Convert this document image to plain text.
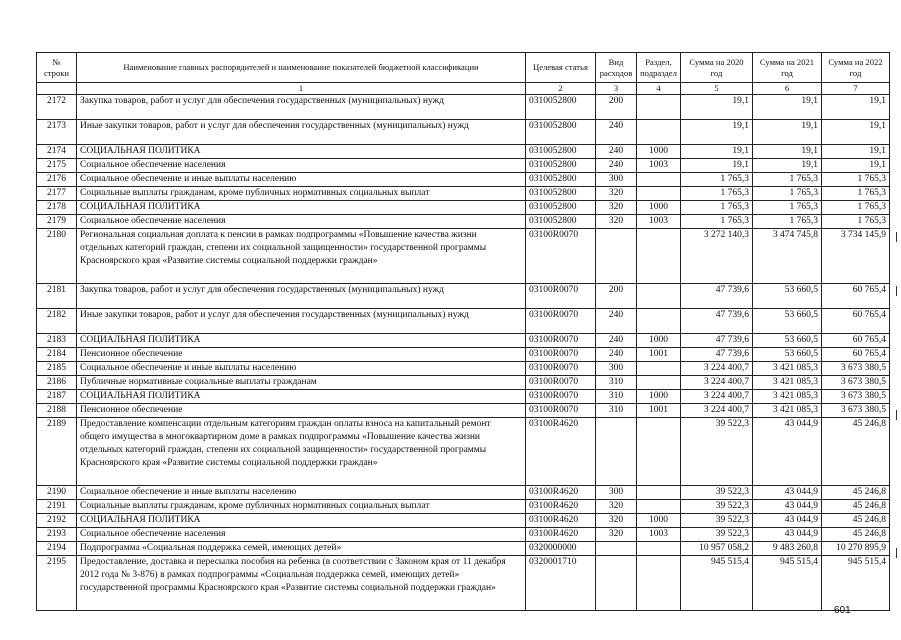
№ строки	Наименование главных распорядителей и наименование показателей бюджетной классификации	Целевая статья	Вид расходов	Раздел, подраздел	Сумма на 2020 год	Сумма на 2021 год	Сумма на 2022 год
	1	2	3	4	5	6	7
2172	Закупка товаров, работ и услуг для обеспечения государственных (муниципальных) нужд	0310052800	200		19,1	19,1	19,1
2173	Иные закупки товаров, работ и услуг для обеспечения государственных (муниципальных) нужд	0310052800	240		19,1	19,1	19,1
2174	СОЦИАЛЬНАЯ ПОЛИТИКА	0310052800	240	1000	19,1	19,1	19,1
2175	Социальное обеспечение населения	0310052800	240	1003	19,1	19,1	19,1
2176	Социальное обеспечение и иные выплаты населению	0310052800	300		1 765,3	1 765,3	1 765,3
2177	Социальные выплаты гражданам, кроме публичных нормативных социальных выплат	0310052800	320		1 765,3	1 765,3	1 765,3
2178	СОЦИАЛЬНАЯ ПОЛИТИКА	0310052800	320	1000	1 765,3	1 765,3	1 765,3
2179	Социальное обеспечение населения	0310052800	320	1003	1 765,3	1 765,3	1 765,3
2180	Региональная социальная доплата к пенсии в рамках подпрограммы «Повышение качества жизни отдельных категорий граждан, степени их социальной защищенности» государственной программы Красноярского края «Развитие системы социальной поддержки граждан»	03100R0070			3 272 140,3	3 474 745,8	3 734 145,9
2181	Закупка товаров, работ и услуг для обеспечения государственных (муниципальных) нужд	03100R0070	200		47 739,6	53 660,5	60 765,4
2182	Иные закупки товаров, работ и услуг для обеспечения государственных (муниципальных) нужд	03100R0070	240		47 739,6	53 660,5	60 765,4
2183	СОЦИАЛЬНАЯ ПОЛИТИКА	03100R0070	240	1000	47 739,6	53 660,5	60 765,4
2184	Пенсионное обеспечение	03100R0070	240	1001	47 739,6	53 660,5	60 765,4
2185	Социальное обеспечение и иные выплаты населению	03100R0070	300		3 224 400,7	3 421 085,3	3 673 380,5
2186	Публичные нормативные социальные выплаты гражданам	03100R0070	310		3 224 400,7	3 421 085,3	3 673 380,5
2187	СОЦИАЛЬНАЯ ПОЛИТИКА	03100R0070	310	1000	3 224 400,7	3 421 085,3	3 673 380,5
2188	Пенсионное обеспечение	03100R0070	310	1001	3 224 400,7	3 421 085,3	3 673 380,5
2189	Предоставление компенсации отдельным категориям граждан оплаты взноса на капитальный ремонт общего имущества в многоквартирном доме в рамках подпрограммы «Повышение качества жизни отдельных категорий граждан, степени их социальной защищенности» государственной программы Красноярского края «Развитие системы социальной поддержки граждан»	03100R4620			39 522,3	43 044,9	45 246,8
2190	Социальное обеспечение и иные выплаты населению	03100R4620	300		39 522,3	43 044,9	45 246,8
2191	Социальные выплаты гражданам, кроме публичных нормативных социальных выплат	03100R4620	320		39 522,3	43 044,9	45 246,8
2192	СОЦИАЛЬНАЯ ПОЛИТИКА	03100R4620	320	1000	39 522,3	43 044,9	45 246,8
2193	Социальное обеспечение населения	03100R4620	320	1003	39 522,3	43 044,9	45 246,8
2194	Подпрограмма «Социальная поддержка семей, имеющих детей»	0320000000			10 957 058,2	9 483 260,8	10 270 895,9
2195	Предоставление, доставка и пересылка пособия на ребенка (в соответствии с Законом края от 11 декабря 2012 года № 3-876) в рамках подпрограммы «Социальная поддержка семей, имеющих детей» государственной программы Красноярского края «Развитие системы социальной поддержки граждан»	0320001710			945 515,4	945 515,4	945 515,4
601
